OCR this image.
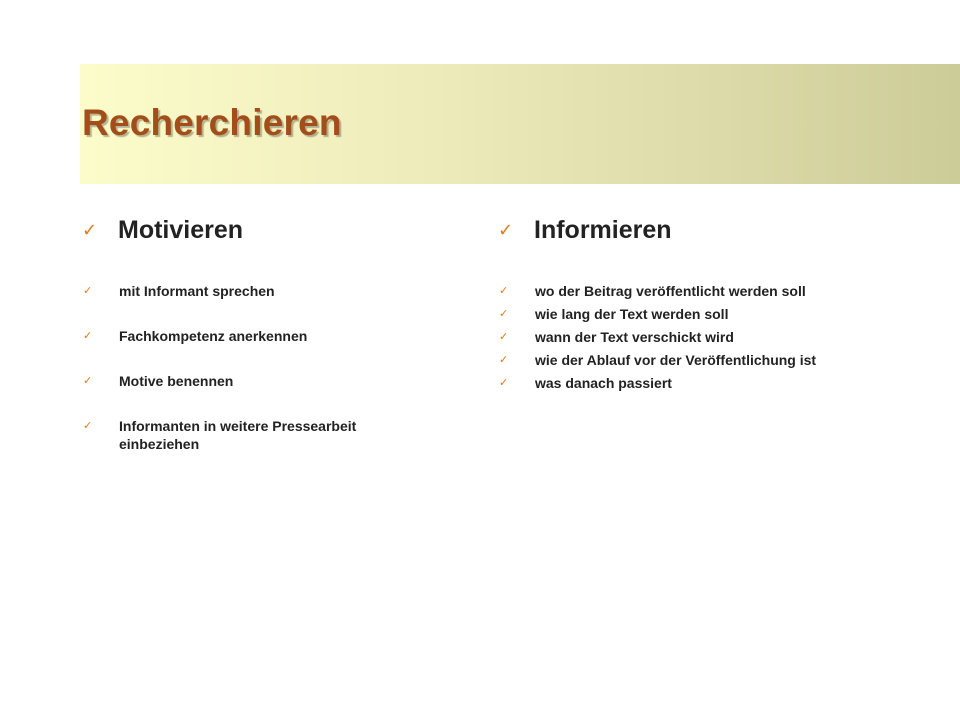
Recherchieren
✓ Motivieren
✓	mit Informant sprechen
✓	Fachkompetenz anerkennen
✓	Motive benennen
✓	Informanten in weitere Pressearbeit einbeziehen
✓ Informieren
✓	wo der Beitrag veröffentlicht werden soll
✓	wie lang der Text werden soll
✓	wann der Text verschickt wird
✓	wie der Ablauf vor der Veröffentlichung ist
✓	was danach passiert
